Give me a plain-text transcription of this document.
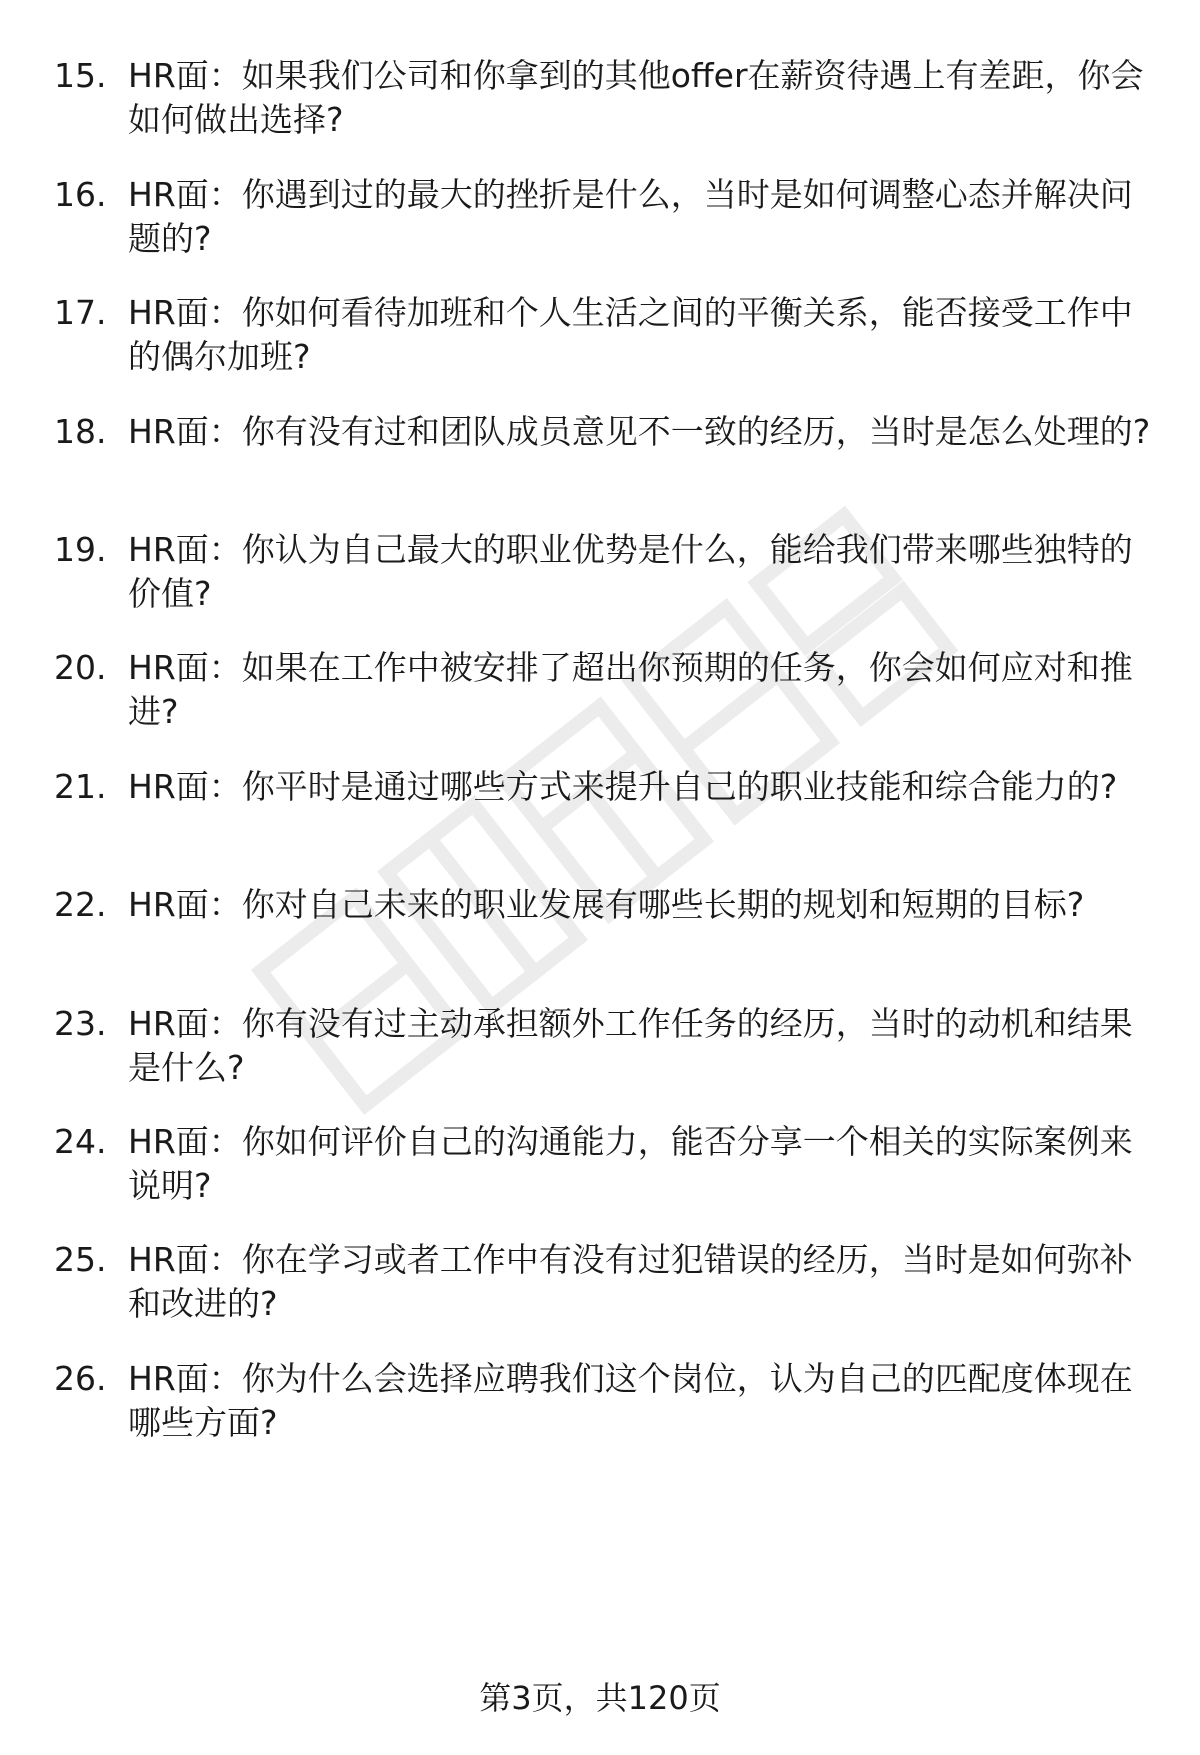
15. HR面：如果我们公司和你拿到的其他offer在薪资待遇上有差距，你会如何做出选择?
16. HR面：你遇到过的最大的挫折是什么，当时是如何调整心态并解决问题的?
17. HR面：你如何看待加班和个人生活之间的平衡关系，能否接受工作中的偶尔加班?
18. HR面：你有没有过和团队成员意见不一致的经历，当时是怎么处理的?
19. HR面：你认为自己最大的职业优势是什么，能给我们带来哪些独特的价值?
20. HR面：如果在工作中被安排了超出你预期的任务，你会如何应对和推进?
21. HR面：你平时是通过哪些方式来提升自己的职业技能和综合能力的?
22. HR面：你对自己未来的职业发展有哪些长期的规划和短期的目标?
23. HR面：你有没有过主动承担额外工作任务的经历，当时的动机和结果是什么?
24. HR面：你如何评价自己的沟通能力，能否分享一个相关的实际案例来说明?
25. HR面：你在学习或者工作中有没有过犯错误的经历，当时是如何弥补和改进的?
26. HR面：你为什么会选择应聘我们这个岗位，认为自己的匹配度体现在哪些方面?
第3页，共120页
